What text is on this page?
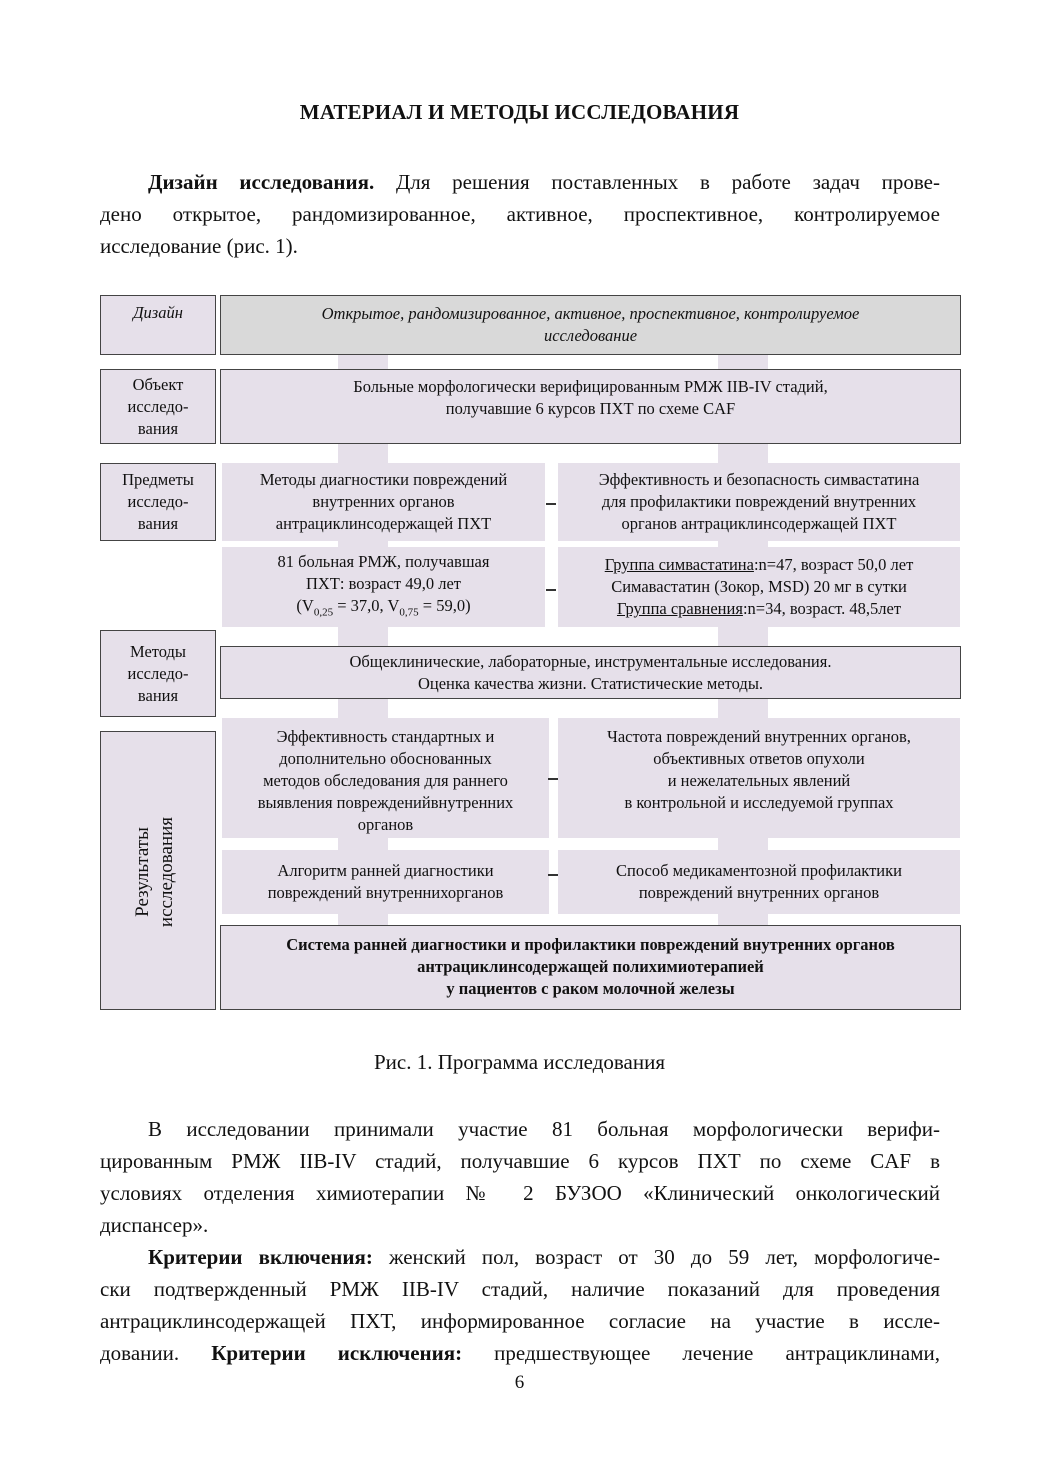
МАТЕРИАЛ И МЕТОДЫ ИССЛЕДОВАНИЯ
Дизайн исследования. Для решения поставленных в работе задач прове-
дено открытое, рандомизированное, активное, проспективное, контролируемое
исследование (рис. 1).
Дизайн
Объект
исследо-
вания
Предметы
исследо-
вания
Методы
исследо-
вания
Результаты исследования
Открытое, рандомизированное, активное, проспективное, контролируемое
исследование
Больные морфологически верифицированным РМЖ IIB-IV стадий,
получавшие 6 курсов ПХТ по схеме CAF
Методы диагностики повреждений
внутренних органов
антрациклинсодержащей ПХТ
Эффективность и безопасность симвастатина
для профилактики повреждений внутренних
органов антрациклинсодержащей ПХТ
81 больная РМЖ, получавшая
ПХТ: возраст 49,0 лет
($V_{0,25} = 37,0$, $V_{0,75} = 59,0$)
Группа симвастатина:n=47, возраст 50,0 лет
Симавастатин (Зокор, MSD) 20 мг в сутки
Группа сравнения:n=34, возраст. 48,5лет
Общеклинические, лабораторные, инструментальные исследования.
Оценка качества жизни. Статистические методы.
Эффективность стандартных и
дополнительно обоснованных
методов обследования для раннего
выявления поврежденийвнутренних
органов
Частота повреждений внутренних органов,
объективных ответов опухоли
и нежелательных явлений
в контрольной и исследуемой группах
Алгоритм ранней диагностики
повреждений внутреннихорганов
Способ медикаментозной профилактики
повреждений внутренних органов
Система ранней диагностики и профилактики повреждений внутренних органов
антрациклинсодержащей полихимиотерапией
у пациентов с раком молочной железы
Рис. 1. Программа исследования
В исследовании принимали участие 81 больная морфологически верифи-
цированным РМЖ IIB-IV стадий, получавшие 6 курсов ПХТ по схеме CAF в
условиях отделения химиотерапии № 2 БУЗОО «Клинический онкологический
диспансер».
Критерии включения: женский пол, возраст от 30 до 59 лет, морфологиче-
ски подтвержденный РМЖ IIB-IV стадий, наличие показаний для проведения
антрациклинсодержащей ПХТ, информированное согласие на участие в иссле-
довании. Критерии исключения: предшествующее лечение антрациклинами,
6
